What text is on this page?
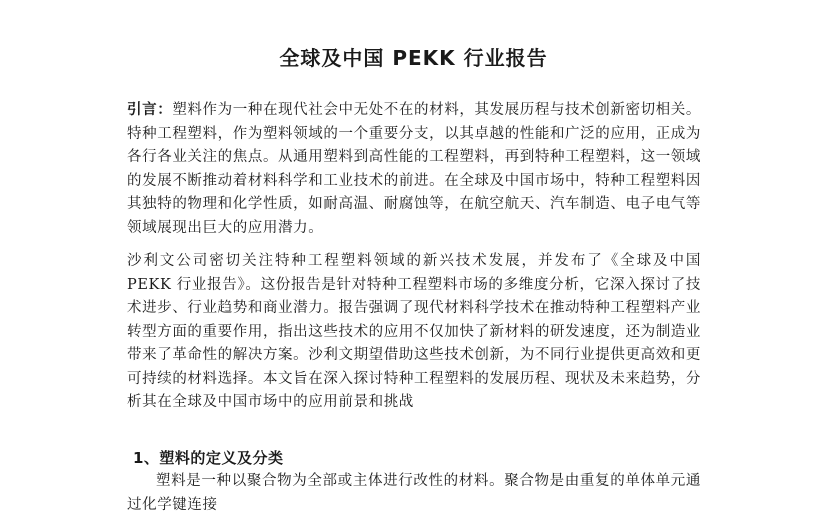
全球及中国 PEKK 行业报告
引言：塑料作为一种在现代社会中无处不在的材料，其发展历程与技术创新密切相关。特种工程塑料，作为塑料领域的一个重要分支，以其卓越的性能和广泛的应用，正成为各行各业关注的焦点。从通用塑料到高性能的工程塑料，再到特种工程塑料，这一领域的发展不断推动着材料科学和工业技术的前进。在全球及中国市场中，特种工程塑料因其独特的物理和化学性质，如耐高温、耐腐蚀等，在航空航天、汽车制造、电子电气等领域展现出巨大的应用潜力。
沙利文公司密切关注特种工程塑料领域的新兴技术发展，并发布了《全球及中国 PEKK 行业报告》。这份报告是针对特种工程塑料市场的多维度分析，它深入探讨了技术进步、行业趋势和商业潜力。报告强调了现代材料科学技术在推动特种工程塑料产业转型方面的重要作用，指出这些技术的应用不仅加快了新材料的研发速度，还为制造业带来了革命性的解决方案。沙利文期望借助这些技术创新，为不同行业提供更高效和更可持续的材料选择。本文旨在深入探讨特种工程塑料的发展历程、现状及未来趋势，分析其在全球及中国市场中的应用前景和挑战
1、塑料的定义及分类
塑料是一种以聚合物为全部或主体进行改性的材料。聚合物是由重复的单体单元通过化学键连接
